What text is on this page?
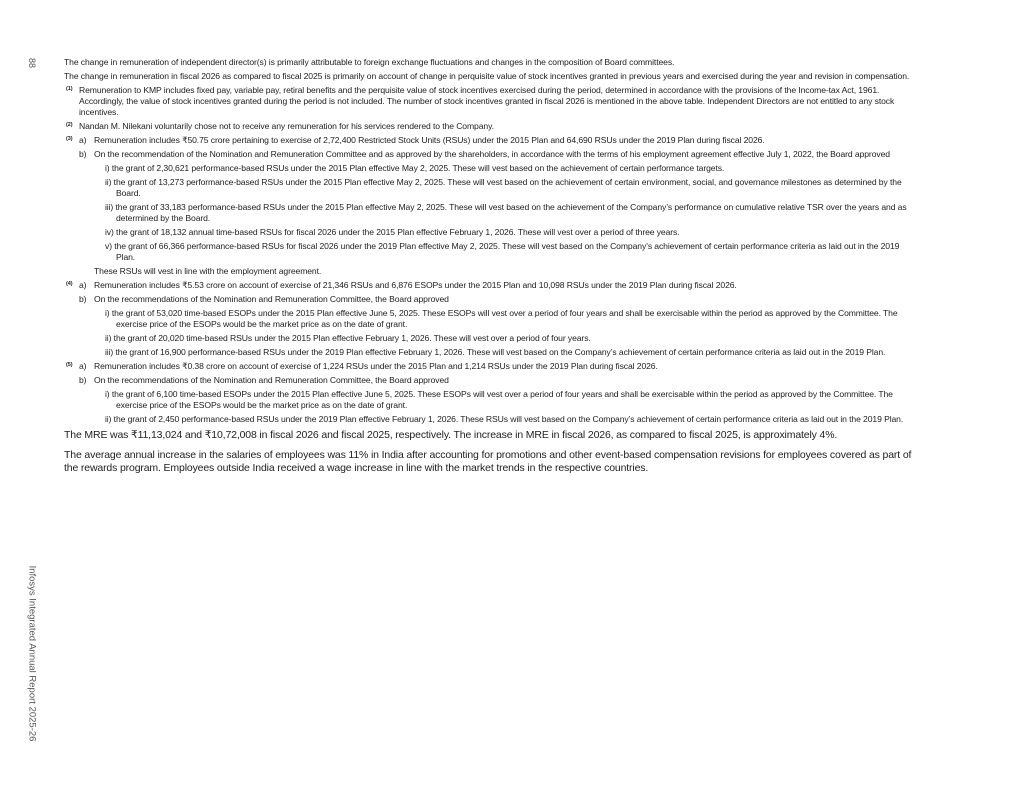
88
Infosys Integrated Annual Report 2025-26

The change in remuneration of independent director(s) is primarily attributable to foreign exchange fluctuations and changes in the composition of Board committees.

The change in remuneration in fiscal 2026 as compared to fiscal 2025 is primarily on account of change in perquisite value of stock incentives granted in previous years and exercised during the year and revision in compensation.

(1) Remuneration to KMP includes fixed pay, variable pay, retiral benefits and the perquisite value of stock incentives exercised during the period, determined in accordance with the provisions of the Income-tax Act, 1961. Accordingly, the value of stock incentives granted during the period is not included. The number of stock incentives granted in fiscal 2026 is mentioned in the above table. Independent Directors are not entitled to any stock incentives.
(2) Nandan M. Nilekani voluntarily chose not to receive any remuneration for his services rendered to the Company.
(3) a) Remuneration includes ₹50.75 crore pertaining to exercise of 2,72,400 Restricted Stock Units (RSUs) under the 2015 Plan and 64,690 RSUs under the 2019 Plan during fiscal 2026.
b) On the recommendation of the Nomination and Remuneration Committee and as approved by the shareholders, in accordance with the terms of his employment agreement effective July 1, 2022, the Board approved

i) the grant of 2,30,621 performance-based RSUs under the 2015 Plan effective May 2, 2025. These will vest based on the achievement of certain performance targets.

ii) the grant of 13,273 performance-based RSUs under the 2015 Plan effective May 2, 2025. These will vest based on the achievement of certain environment, social, and governance milestones as determined by the Board.

iii) the grant of 33,183 performance-based RSUs under the 2015 Plan effective May 2, 2025. These will vest based on the achievement of the Company’s performance on cumulative relative TSR over the years and as determined by the Board.

iv) the grant of 18,132 annual time-based RSUs for fiscal 2026 under the 2015 Plan effective February 1, 2026. These will vest over a period of three years.

v) the grant of 66,366 performance-based RSUs for fiscal 2026 under the 2019 Plan effective May 2, 2025. These will vest based on the Company’s achievement of certain performance criteria as laid out in the 2019 Plan.

These RSUs will vest in line with the employment agreement.

(4) a) Remuneration includes ₹5.53 crore on account of exercise of 21,346 RSUs and 6,876 ESOPs under the 2015 Plan and 10,098 RSUs under the 2019 Plan during fiscal 2026.
b) On the recommendations of the Nomination and Remuneration Committee, the Board approved

i) the grant of 53,020 time-based ESOPs under the 2015 Plan effective June 5, 2025. These ESOPs will vest over a period of four years and shall be exercisable within the period as approved by the Committee. The exercise price of the ESOPs would be the market price as on the date of grant.

ii) the grant of 20,020 time-based RSUs under the 2015 Plan effective February 1, 2026. These will vest over a period of four years.

iii) the grant of 16,900 performance-based RSUs under the 2019 Plan effective February 1, 2026. These will vest based on the Company’s achievement of certain performance criteria as laid out in the 2019 Plan.

(5) a) Remuneration includes ₹0.38 crore on account of exercise of 1,224 RSUs under the 2015 Plan and 1,214 RSUs under the 2019 Plan during fiscal 2026.
b) On the recommendations of the Nomination and Remuneration Committee, the Board approved

i) the grant of 6,100 time-based ESOPs under the 2015 Plan effective June 5, 2025. These ESOPs will vest over a period of four years and shall be exercisable within the period as approved by the Committee. The exercise price of the ESOPs would be the market price as on the date of grant.

ii) the grant of 2,450 performance-based RSUs under the 2019 Plan effective February 1, 2026. These RSUs will vest based on the Company’s achievement of certain performance criteria as laid out in the 2019 Plan.

The MRE was ₹11,13,024 and ₹10,72,008 in fiscal 2026 and fiscal 2025, respectively. The increase in MRE in fiscal 2026, as compared to fiscal 2025, is approximately 4%.

The average annual increase in the salaries of employees was 11% in India after accounting for promotions and other event-based compensation revisions for employees covered as part of the rewards program. Employees outside India received a wage increase in line with the market trends in the respective countries.
